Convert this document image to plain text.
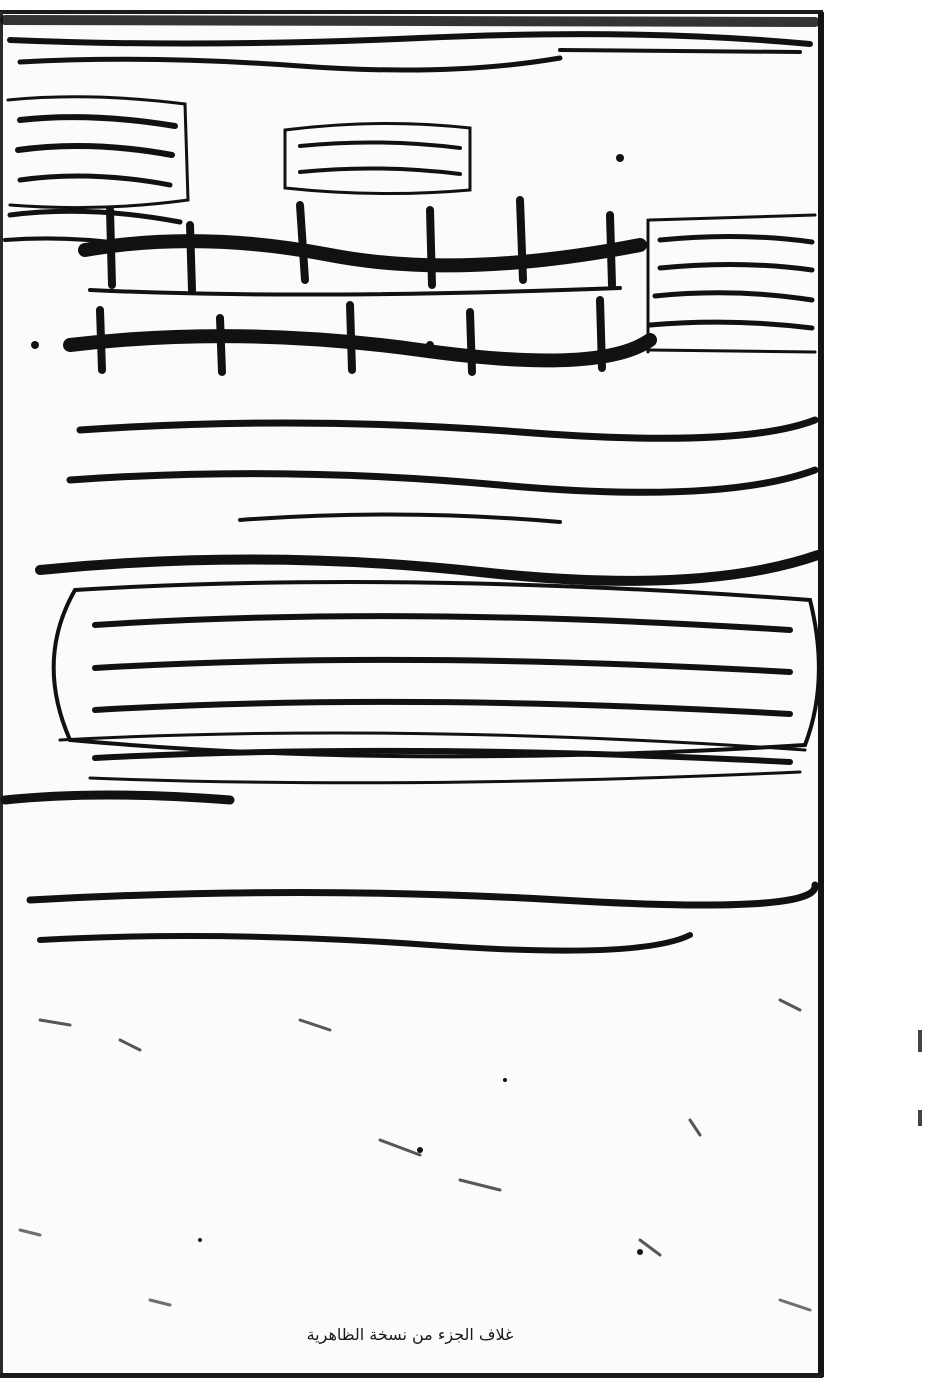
غلاف الجزء من نسخة الظاهرية
